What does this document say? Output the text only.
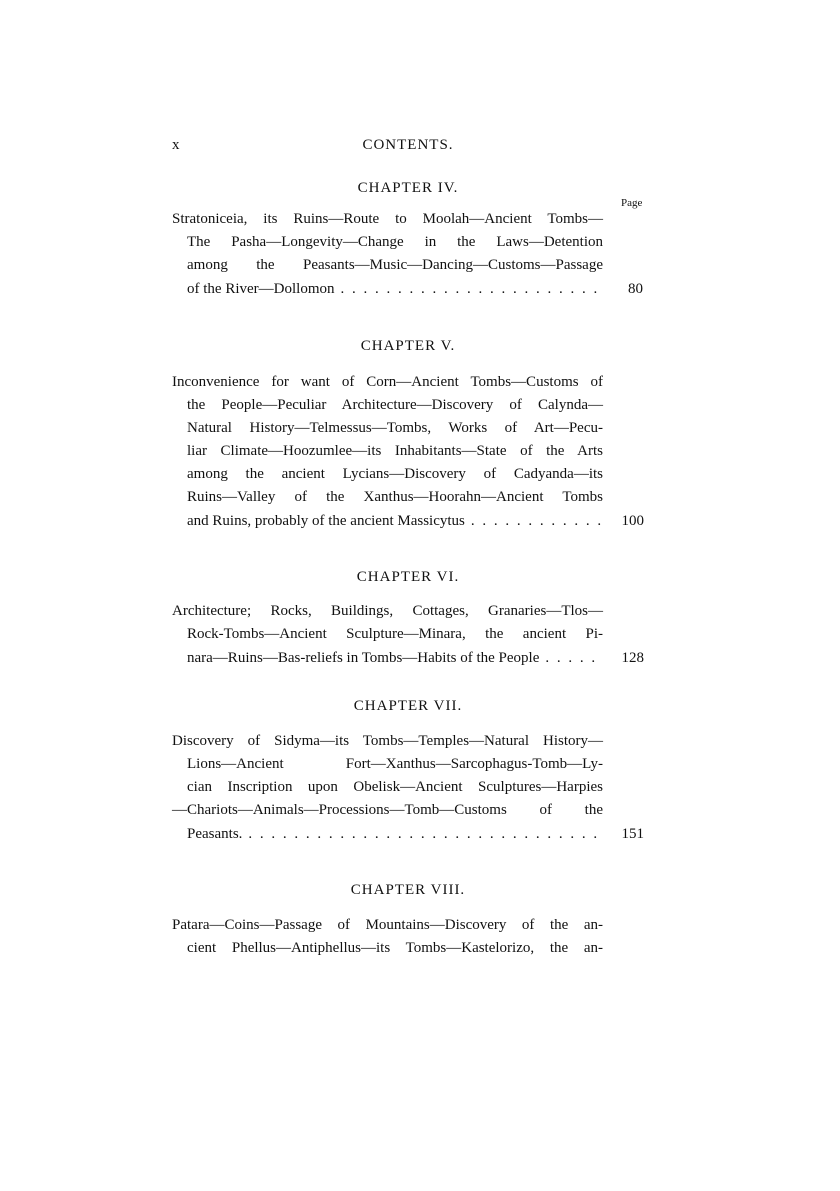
x	CONTENTS.
CHAPTER IV.
Page
Stratoniceia, its Ruins—Route to Moolah—Ancient Tombs—
The Pasha—Longevity—Change in the Laws—Detention
among the Peasants—Music—Dancing—Customs—Passage
of the River—Dollomon . . .	80
CHAPTER V.
Inconvenience for want of Corn—Ancient Tombs—Customs of
the People—Peculiar Architecture—Discovery of Calynda—
Natural History—Telmessus—Tombs, Works of Art—Pecu-
liar Climate—Hoozumlee—its Inhabitants—State of the Arts
among the ancient Lycians—Discovery of Cadyanda—its
Ruins—Valley of the Xanthus—Hoorahn—Ancient Tombs
and Ruins, probably of the ancient Massicytus . . .	100
CHAPTER VI.
Architecture; Rocks, Buildings, Cottages, Granaries—Tlos—
Rock-Tombs—Ancient Sculpture—Minara, the ancient Pi-
nara—Ruins—Bas-reliefs in Tombs—Habits of the People . . .	128
CHAPTER VII.
Discovery of Sidyma—its Tombs—Temples—Natural History—
Lions—Ancient Fort—Xanthus—Sarcophagus-Tomb—Ly-
cian Inscription upon Obelisk—Ancient Sculptures—Harpies
—Chariots—Animals—Processions—Tomb—Customs of the
Peasants. . . .	151
CHAPTER VIII.
Patara—Coins—Passage of Mountains—Discovery of the an-
cient Phellus—Antiphellus—its Tombs—Kastelorizo, the an-
